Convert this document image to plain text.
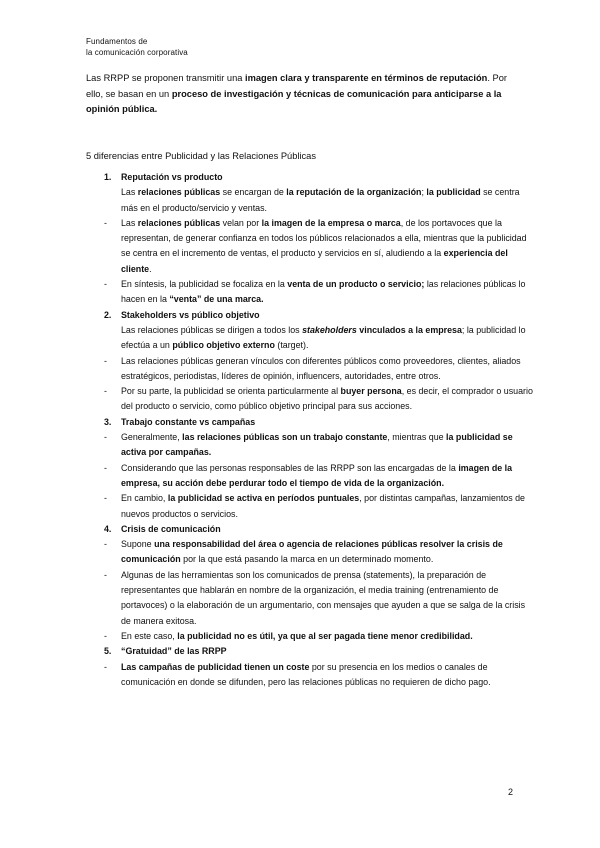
Fundamentos de
la comunicación corporativa

Las RRPP se proponen transmitir una imagen clara y transparente en términos de reputación. Por ello, se basan en un proceso de investigación y técnicas de comunicación para anticiparse a la opinión pública.

5 diferencias entre Publicidad y las Relaciones Públicas
1.	Reputación vs producto
Las relaciones públicas se encargan de la reputación de la organización; la publicidad se centra más en el producto/servicio y ventas.
-	Las relaciones públicas velan por la imagen de la empresa o marca, de los portavoces que la representan, de generar confianza en todos los públicos relacionados a ella, mientras que la publicidad se centra en el incremento de ventas, el producto y servicios en sí, aludiendo a la experiencia del cliente.
-	En síntesis, la publicidad se focaliza en la venta de un producto o servicio; las relaciones públicas lo hacen en la “venta” de una marca.
2.	Stakeholders vs público objetivo
Las relaciones públicas se dirigen a todos los stakeholders vinculados a la empresa; la publicidad lo efectúa a un público objetivo externo (target).
-	Las relaciones públicas generan vínculos con diferentes públicos como proveedores, clientes, aliados estratégicos, periodistas, líderes de opinión, influencers, autoridades, entre otros.
-	Por su parte, la publicidad se orienta particularmente al buyer persona, es decir, el comprador o usuario del producto o servicio, como público objetivo principal para sus acciones.
3.	Trabajo constante vs campañas
-	Generalmente, las relaciones públicas son un trabajo constante, mientras que la publicidad se activa por campañas.
-	Considerando que las personas responsables de las RRPP son las encargadas de la imagen de la empresa, su acción debe perdurar todo el tiempo de vida de la organización.
-	En cambio, la publicidad se activa en períodos puntuales, por distintas campañas, lanzamientos de nuevos productos o servicios.
4.	Crisis de comunicación
-	Supone una responsabilidad del área o agencia de relaciones públicas resolver la crisis de comunicación por la que está pasando la marca en un determinado momento.
-	Algunas de las herramientas son los comunicados de prensa (statements), la preparación de representantes que hablarán en nombre de la organización, el media training (entrenamiento de portavoces) o la elaboración de un argumentario, con mensajes que ayuden a que se salga de la crisis de manera exitosa.
-	En este caso, la publicidad no es útil, ya que al ser pagada tiene menor credibilidad.
5.	“Gratuidad” de las RRPP
-	Las campañas de publicidad tienen un coste por su presencia en los medios o canales de comunicación en donde se difunden, pero las relaciones públicas no requieren de dicho pago.
2
